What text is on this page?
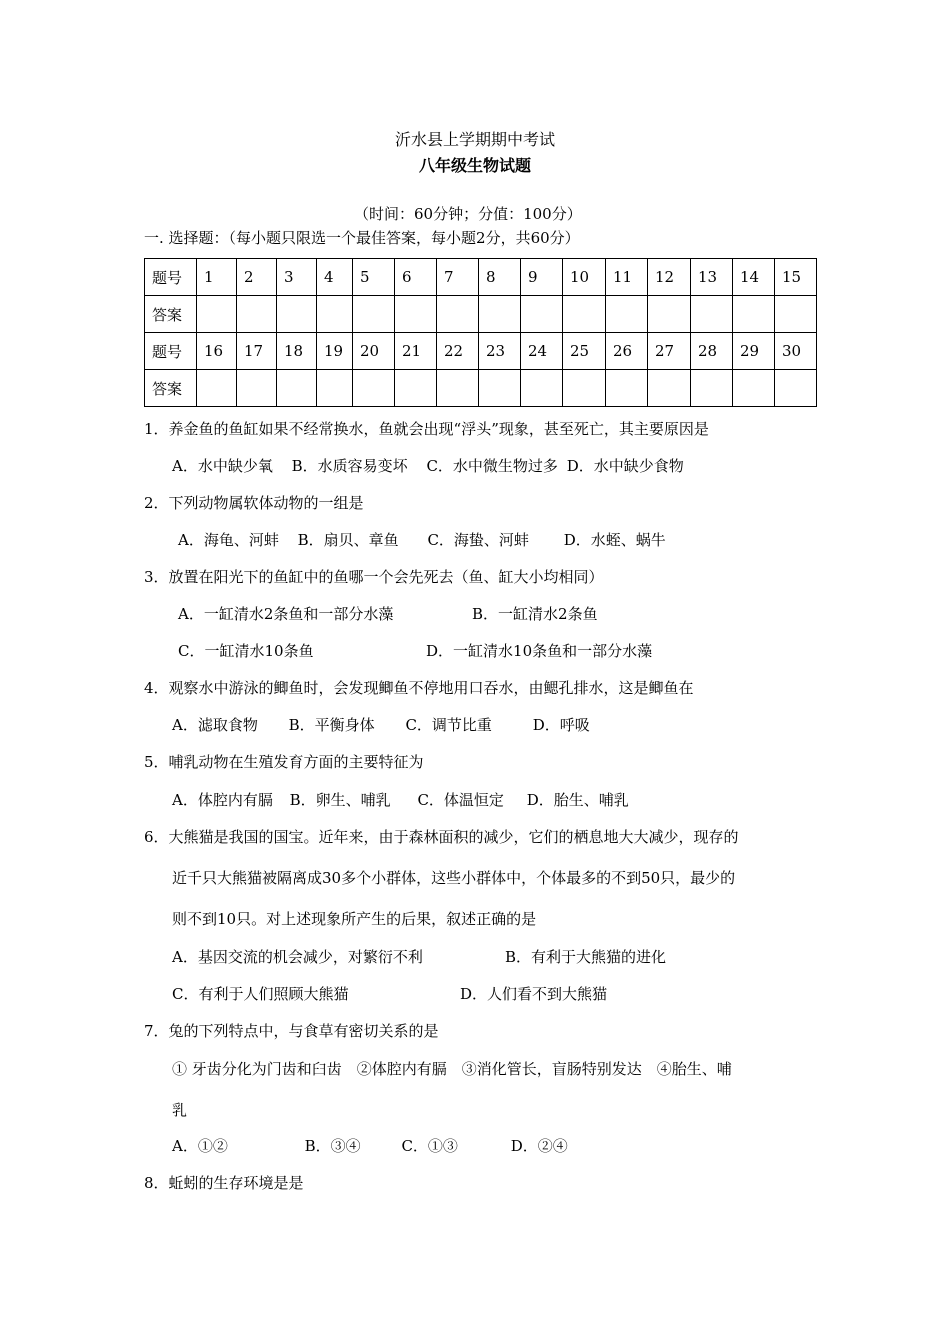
沂水县上学期期中考试
八年级生物试题
（时间：60分钟；分值：100分）
一. 选择题：（每小题只限选一个最佳答案，每小题2分，共60分）
题号	1	2	3	4	5	6	7	8	9	10	11	12	13	14	15
答案															
题号	16	17	18	19	20	21	22	23	24	25	26	27	28	29	30
答案															
1．养金鱼的鱼缸如果不经常换水，鱼就会出现“浮头”现象，甚至死亡，其主要原因是
A．水中缺少氧 B．水质容易变坏 C．水中微生物过多 D．水中缺少食物
2．下列动物属软体动物的一组是
A．海龟、河蚌 B．扇贝、章鱼 C．海蛰、河蚌 D．水蛭、蜗牛
3．放置在阳光下的鱼缸中的鱼哪一个会先死去（鱼、缸大小均相同）
A．一缸清水2条鱼和一部分水藻	B．一缸清水2条鱼
C．一缸清水10条鱼	D．一缸清水10条鱼和一部分水藻
4．观察水中游泳的鲫鱼时，会发现鲫鱼不停地用口吞水，由鳃孔排水，这是鲫鱼在
A．滤取食物 B．平衡身体 C．调节比重	D．呼吸
5．哺乳动物在生殖发育方面的主要特征为
A．体腔内有膈 B．卵生、哺乳 C．体温恒定 D．胎生、哺乳
6．大熊猫是我国的国宝。近年来，由于森林面积的减少，它们的栖息地大大减少，现存的
近千只大熊猫被隔离成30多个小群体，这些小群体中，个体最多的不到50只，最少的
则不到10只。对上述现象所产生的后果，叙述正确的是
A．基因交流的机会减少，对繁衍不利	B．有利于大熊猫的进化
C．有利于人们照顾大熊猫	D．人们看不到大熊猫
7．兔的下列特点中，与食草有密切关系的是
① 牙齿分化为门齿和臼齿　②体腔内有膈　③消化管长，盲肠特别发达　④胎生、哺
乳
A．①②	B．③④	C．①③	D．②④
8．蚯蚓的生存环境是是
